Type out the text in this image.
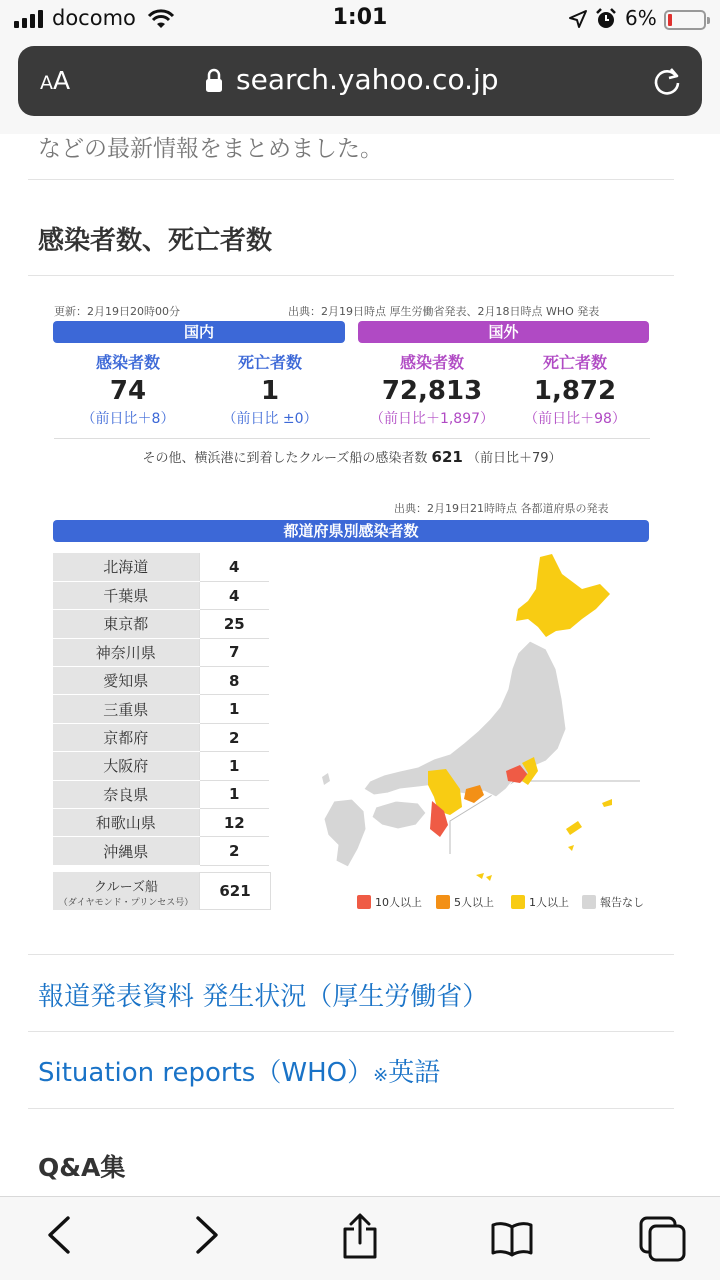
docomo	1:01	6%
AA	search.yahoo.co.jp
などの最新情報をまとめました。
感染者数、死亡者数
更新：2月19日20時00分	出典：2月19日時点 厚生労働省発表、2月18日時点 WHO 発表
国内	国外
感染者数
74
（前日比＋8）
死亡者数
1
（前日比 ±0）
感染者数
72,813
（前日比＋1,897）
死亡者数
1,872
（前日比＋98）
その他、横浜港に到着したクルーズ船の感染者数 621 （前日比＋79）
出典：2月19日21時時点 各都道府県の発表
都道府県別感染者数
北海道	4
千葉県	4
東京都	25
神奈川県	7
愛知県	8
三重県	1
京都府	2
大阪府	1
奈良県	1
和歌山県	12
沖縄県	2
クルーズ船
（ダイヤモンド・プリンセス号）
621
10人以上	5人以上	1人以上	報告なし
報道発表資料 発生状況（厚生労働省）
Situation reports（WHO）※英語
Q&A集
